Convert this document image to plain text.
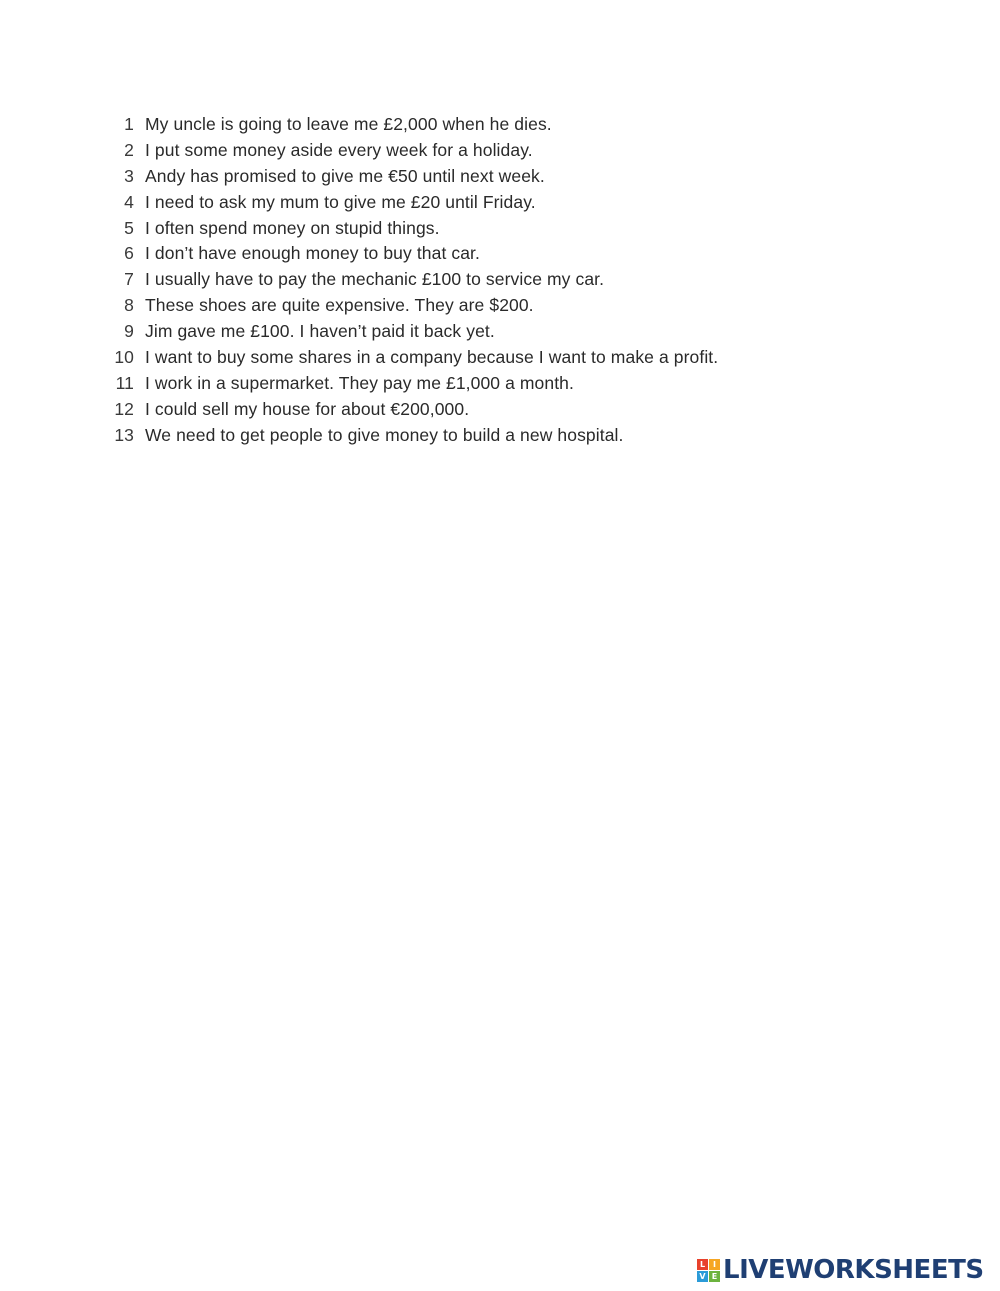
1 My uncle is going to leave me £2,000 when he dies.
2 I put some money aside every week for a holiday.
3 Andy has promised to give me €50 until next week.
4 I need to ask my mum to give me £20 until Friday.
5 I often spend money on stupid things.
6 I don’t have enough money to buy that car.
7 I usually have to pay the mechanic £100 to service my car.
8 These shoes are quite expensive. They are $200.
9 Jim gave me £100. I haven’t paid it back yet.
10 I want to buy some shares in a company because I want to make a profit.
11 I work in a supermarket. They pay me £1,000 a month.
12 I could sell my house for about €200,000.
13 We need to get people to give money to build a new hospital.
L I
V E LIVEWORKSHEETS
